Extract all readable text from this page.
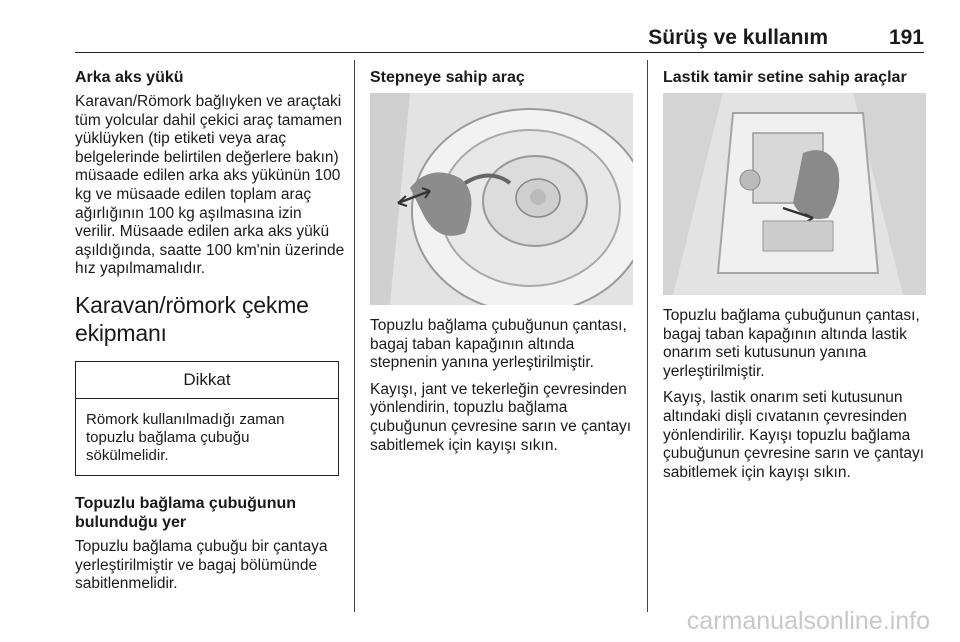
Sürüş ve kullanım	191
Arka aks yükü

Karavan/Römork bağlıyken ve araçtaki tüm yolcular dahil çekici araç tamamen yüklüyken (tip etiketi veya araç belgelerinde belirtilen değerlere bakın) müsaade edilen arka aks yükünün 100 kg ve müsaade edilen toplam araç ağırlığının 100 kg aşılmasına izin verilir. Müsaade edilen arka aks yükü aşıldığında, saatte 100 km'nin üzerinde hız yapılmamalıdır.

Karavan/römork çekme ekipmanı
Dikkat
Römork kullanılmadığı zaman topuzlu bağlama çubuğu sökülmelidir.
Topuzlu bağlama çubuğunun bulunduğu yer

Topuzlu bağlama çubuğu bir çantaya yerleştirilmiştir ve bagaj bölümünde sabitlenmelidir.

Stepneye sahip araç

Topuzlu bağlama çubuğunun çantası, bagaj taban kapağının altında stepnenin yanına yerleştirilmiştir.

Kayışı, jant ve tekerleğin çevresinden yönlendirin, topuzlu bağlama çubuğunun çevresine sarın ve çantayı sabitlemek için kayışı sıkın.

Lastik tamir setine sahip araçlar

Topuzlu bağlama çubuğunun çantası, bagaj taban kapağının altında lastik onarım seti kutusunun yanına yerleştirilmiştir.

Kayış, lastik onarım seti kutusunun altındaki dişli cıvatanın çevresinden yönlendirilir. Kayışı topuzlu bağlama çubuğunun çevresine sarın ve çantayı sabitlemek için kayışı sıkın.

carmanualsonline.info
